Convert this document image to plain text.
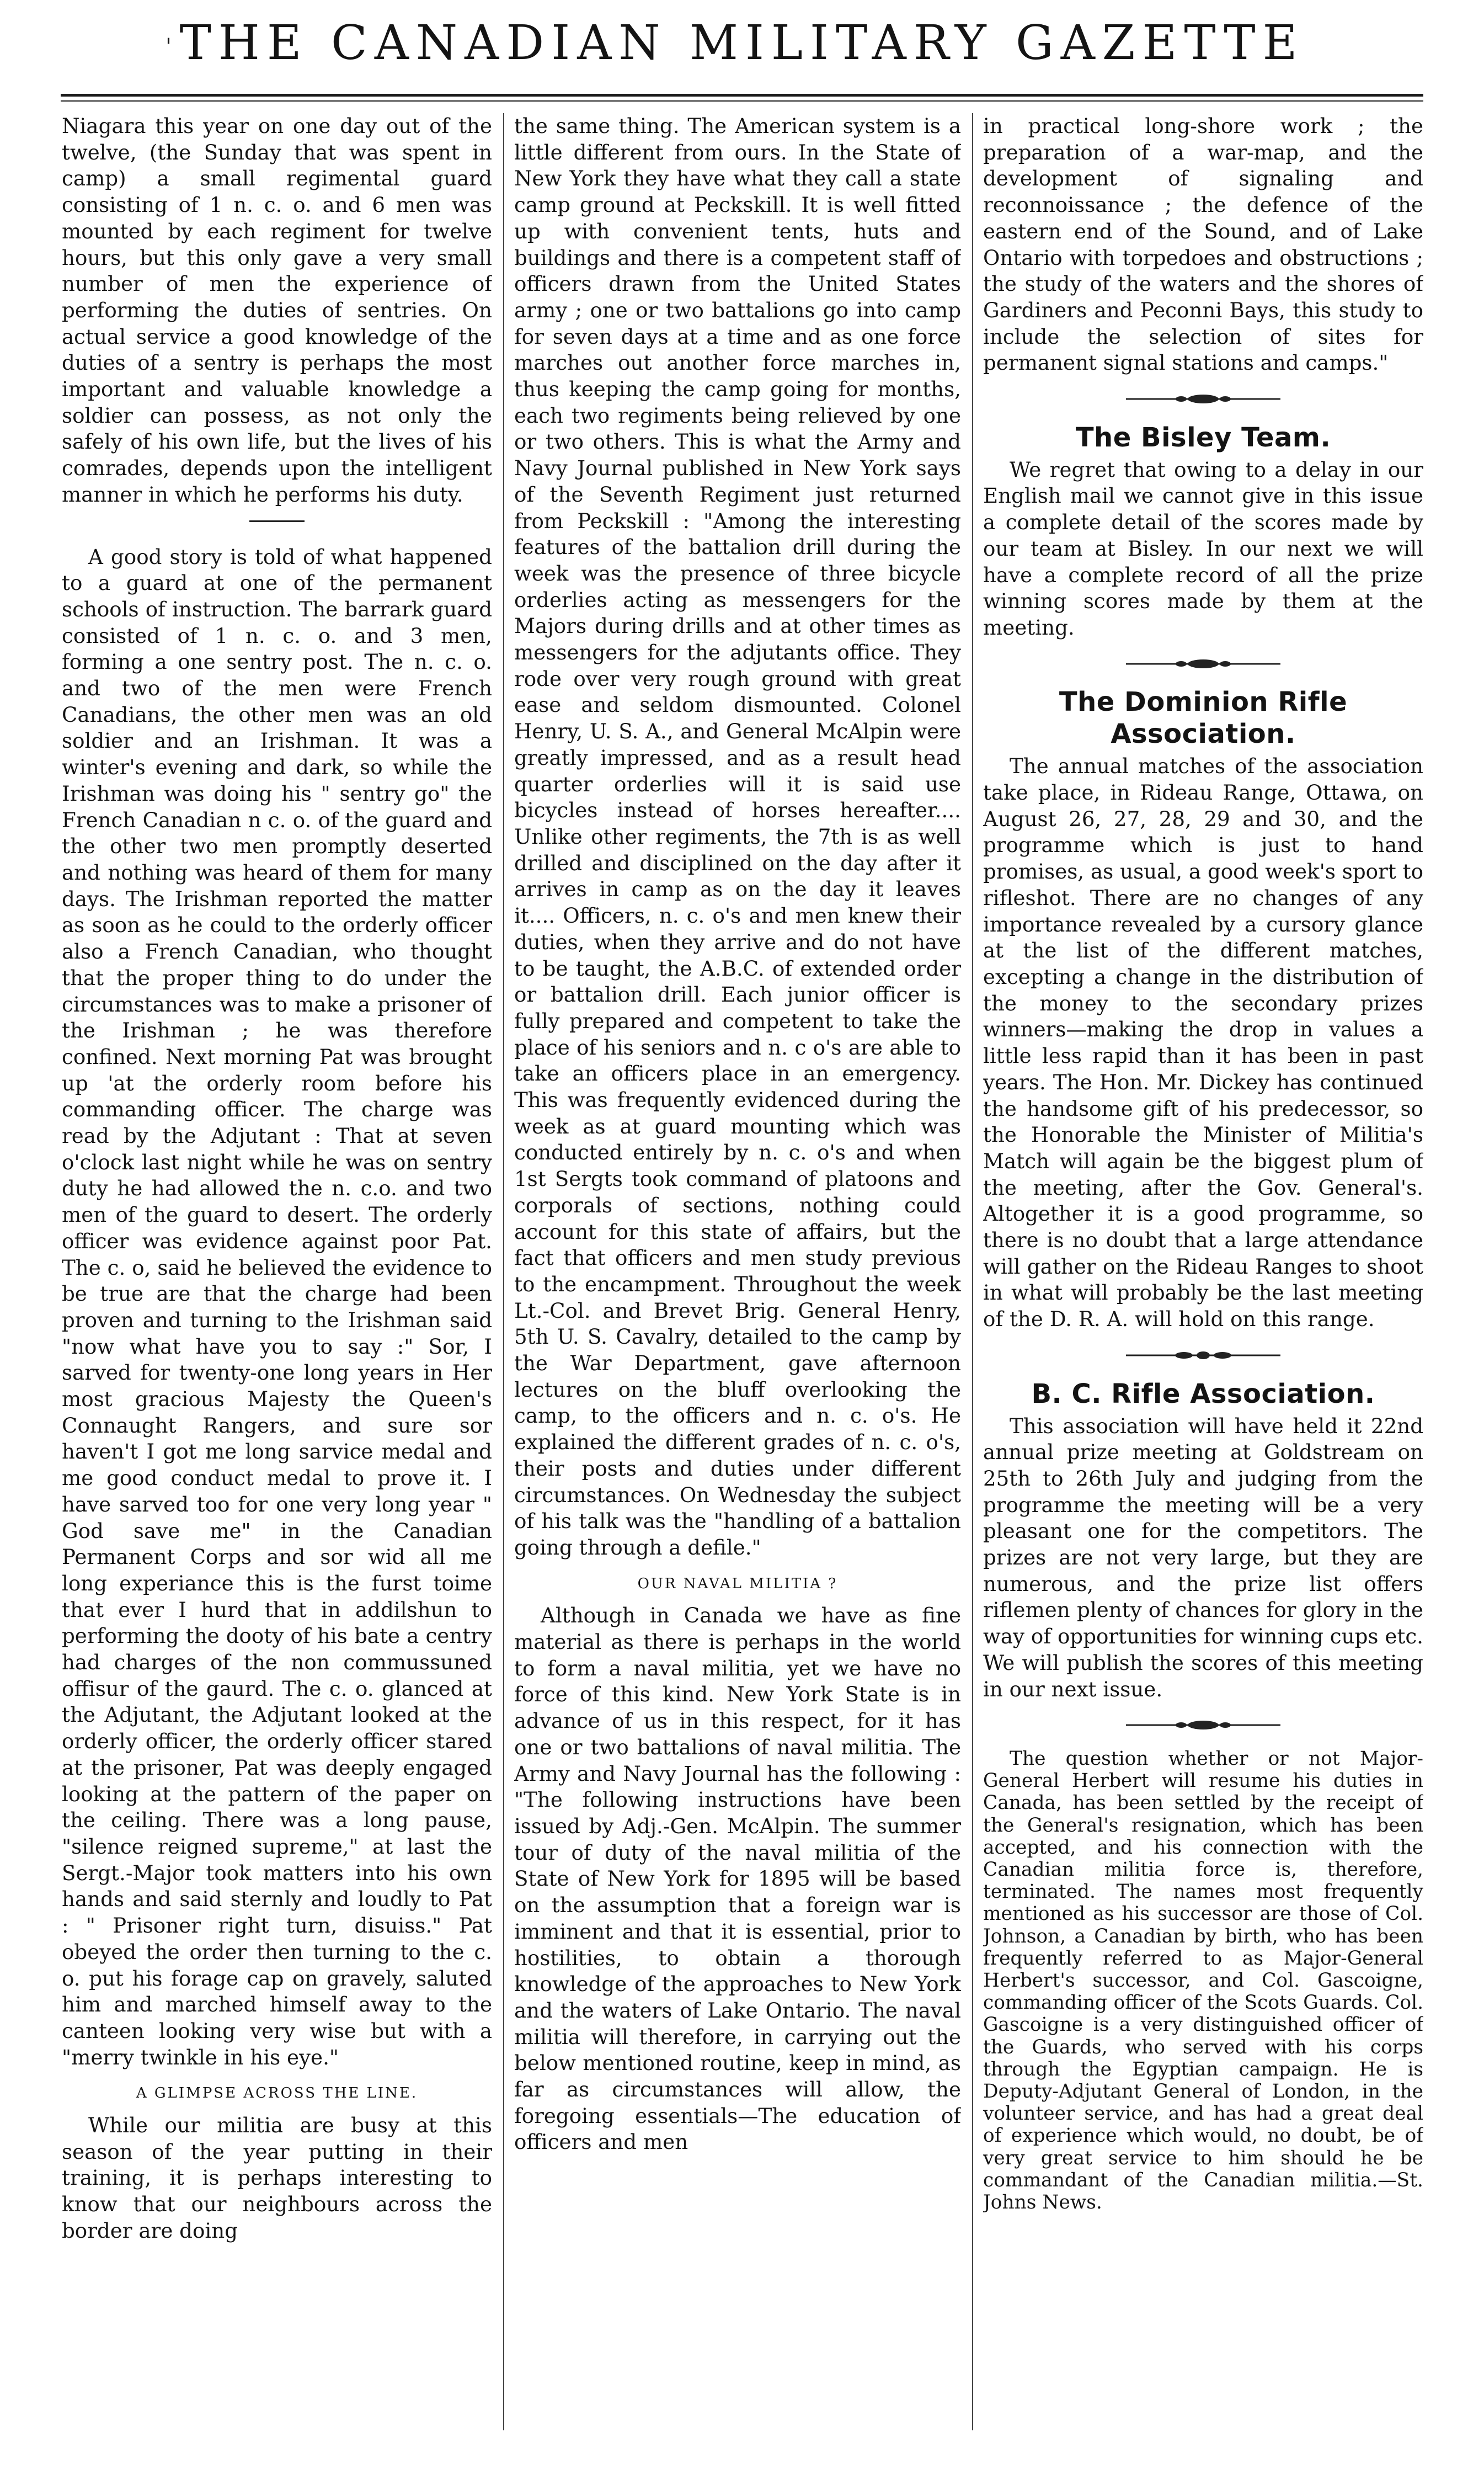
' THE CANADIAN MILITARY GAZETTE

Niagara this year on one day out of the twelve, (the Sunday that was spent in camp) a small regimental guard consisting of 1 n. c. o. and 6 men was mounted by each regiment for twelve hours, but this only gave a very small number of men the experience of performing the duties of sentries. On actual service a good knowledge of the duties of a sentry is perhaps the most important and valuable knowledge a soldier can possess, as not only the safely of his own life, but the lives of his comrades, depends upon the intelligent manner in which he performs his duty.

A good story is told of what happened to a guard at one of the permanent schools of instruction. The barrark guard consisted of 1 n. c. o. and 3 men, forming a one sentry post. The n. c. o. and two of the men were French Canadians, the other men was an old soldier and an Irishman. It was a winter's evening and dark, so while the Irishman was doing his " sentry go" the French Canadian n c. o. of the guard and the other two men promptly deserted and nothing was heard of them for many days. The Irishman reported the matter as soon as he could to the orderly officer also a French Canadian, who thought that the proper thing to do under the circumstances was to make a prisoner of the Irishman ; he was therefore confined. Next morning Pat was brought up 'at the orderly room before his commanding officer. The charge was read by the Adjutant : That at seven o'clock last night while he was on sentry duty he had allowed the n. c.o. and two men of the guard to desert. The orderly officer was evidence against poor Pat. The c. o, said he believed the evidence to be true are that the charge had been proven and turning to the Irishman said "now what have you to say :" Sor, I sarved for twenty-one long years in Her most gracious Majesty the Queen's Connaught Rangers, and sure sor haven't I got me long sarvice medal and me good conduct medal to prove it. I have sarved too for one very long year " God save me" in the Canadian Permanent Corps and sor wid all me long experiance this is the furst toime that ever I hurd that in addilshun to performing the dooty of his bate a centry had charges of the non commussuned offisur of the gaurd. The c. o. glanced at the Adjutant, the Adjutant looked at the orderly officer, the orderly officer stared at the prisoner, Pat was deeply engaged looking at the pattern of the paper on the ceiling. There was a long pause, "silence reigned supreme," at last the Sergt.-Major took matters into his own hands and said sternly and loudly to Pat : " Prisoner right turn, disuiss." Pat obeyed the order then turning to the c. o. put his forage cap on gravely, saluted him and marched himself away to the canteen looking very wise but with a "merry twinkle in his eye."

A GLIMPSE ACROSS THE LINE.

While our militia are busy at this season of the year putting in their training, it is perhaps interesting to know that our neighbours across the border are doing

the same thing. The American system is a little different from ours. In the State of New York they have what they call a state camp ground at Peckskill. It is well fitted up with convenient tents, huts and buildings and there is a competent staff of officers drawn from the United States army ; one or two battalions go into camp for seven days at a time and as one force marches out another force marches in, thus keeping the camp going for months, each two regiments being relieved by one or two others. This is what the Army and Navy Journal published in New York says of the Seventh Regiment just returned from Peckskill : "Among the interesting features of the battalion drill during the week was the presence of three bicycle orderlies acting as messengers for the Majors during drills and at other times as messengers for the adjutants office. They rode over very rough ground with great ease and seldom dismounted. Colonel Henry, U. S. A., and General McAlpin were greatly impressed, and as a result head quarter orderlies will it is said use bicycles instead of horses hereafter.... Unlike other regiments, the 7th is as well drilled and disciplined on the day after it arrives in camp as on the day it leaves it.... Officers, n. c. o's and men knew their duties, when they arrive and do not have to be taught, the A.B.C. of extended order or battalion drill. Each junior officer is fully prepared and competent to take the place of his seniors and n. c o's are able to take an officers place in an emergency. This was frequently evidenced during the week as at guard mounting which was conducted entirely by n. c. o's and when 1st Sergts took command of platoons and corporals of sections, nothing could account for this state of affairs, but the fact that officers and men study previous to the encampment. Throughout the week Lt.-Col. and Brevet Brig. General Henry, 5th U. S. Cavalry, detailed to the camp by the War Department, gave afternoon lectures on the bluff overlooking the camp, to the officers and n. c. o's. He explained the different grades of n. c. o's, their posts and duties under different circumstances. On Wednesday the subject of his talk was the "handling of a battalion going through a defile."

OUR NAVAL MILITIA ?

Although in Canada we have as fine material as there is perhaps in the world to form a naval militia, yet we have no force of this kind. New York State is in advance of us in this respect, for it has one or two battalions of naval militia. The Army and Navy Journal has the following : "The following instructions have been issued by Adj.-Gen. McAlpin. The summer tour of duty of the naval militia of the State of New York for 1895 will be based on the assumption that a foreign war is imminent and that it is essential, prior to hostilities, to obtain a thorough knowledge of the approaches to New York and the waters of Lake Ontario. The naval militia will therefore, in carrying out the below mentioned routine, keep in mind, as far as circumstances will allow, the foregoing essentials—The education of officers and men

in practical long-shore work ; the preparation of a war-map, and the development of signaling and reconnoissance ; the defence of the eastern end of the Sound, and of Lake Ontario with torpedoes and obstructions ; the study of the waters and the shores of Gardiners and Peconni Bays, this study to include the selection of sites for permanent signal stations and camps."

The Bisley Team.

We regret that owing to a delay in our English mail we cannot give in this issue a complete detail of the scores made by our team at Bisley. In our next we will have a complete record of all the prize winning scores made by them at the meeting.

The Dominion Rifle Association.

The annual matches of the association take place, in Rideau Range, Ottawa, on August 26, 27, 28, 29 and 30, and the programme which is just to hand promises, as usual, a good week's sport to rifleshot. There are no changes of any importance revealed by a cursory glance at the list of the different matches, excepting a change in the distribution of the money to the secondary prizes winners—making the drop in values a little less rapid than it has been in past years. The Hon. Mr. Dickey has continued the handsome gift of his predecessor, so the Honorable the Minister of Militia's Match will again be the biggest plum of the meeting, after the Gov. General's. Altogether it is a good programme, so there is no doubt that a large attendance will gather on the Rideau Ranges to shoot in what will probably be the last meeting of the D. R. A. will hold on this range.

B. C. Rifle Association.

This association will have held it 22nd annual prize meeting at Goldstream on 25th to 26th July and judging from the programme the meeting will be a very pleasant one for the competitors. The prizes are not very large, but they are numerous, and the prize list offers riflemen plenty of chances for glory in the way of opportunities for winning cups etc. We will publish the scores of this meeting in our next issue.

The question whether or not Major-General Herbert will resume his duties in Canada, has been settled by the receipt of the General's resignation, which has been accepted, and his connection with the Canadian militia force is, therefore, terminated. The names most frequently mentioned as his successor are those of Col. Johnson, a Canadian by birth, who has been frequently referred to as Major-General Herbert's successor, and Col. Gascoigne, commanding officer of the Scots Guards. Col. Gascoigne is a very distinguished officer of the Guards, who served with his corps through the Egyptian campaign. He is Deputy-Adjutant General of London, in the volunteer service, and has had a great deal of experience which would, no doubt, be of very great service to him should he be commandant of the Canadian militia.—St. Johns News.
